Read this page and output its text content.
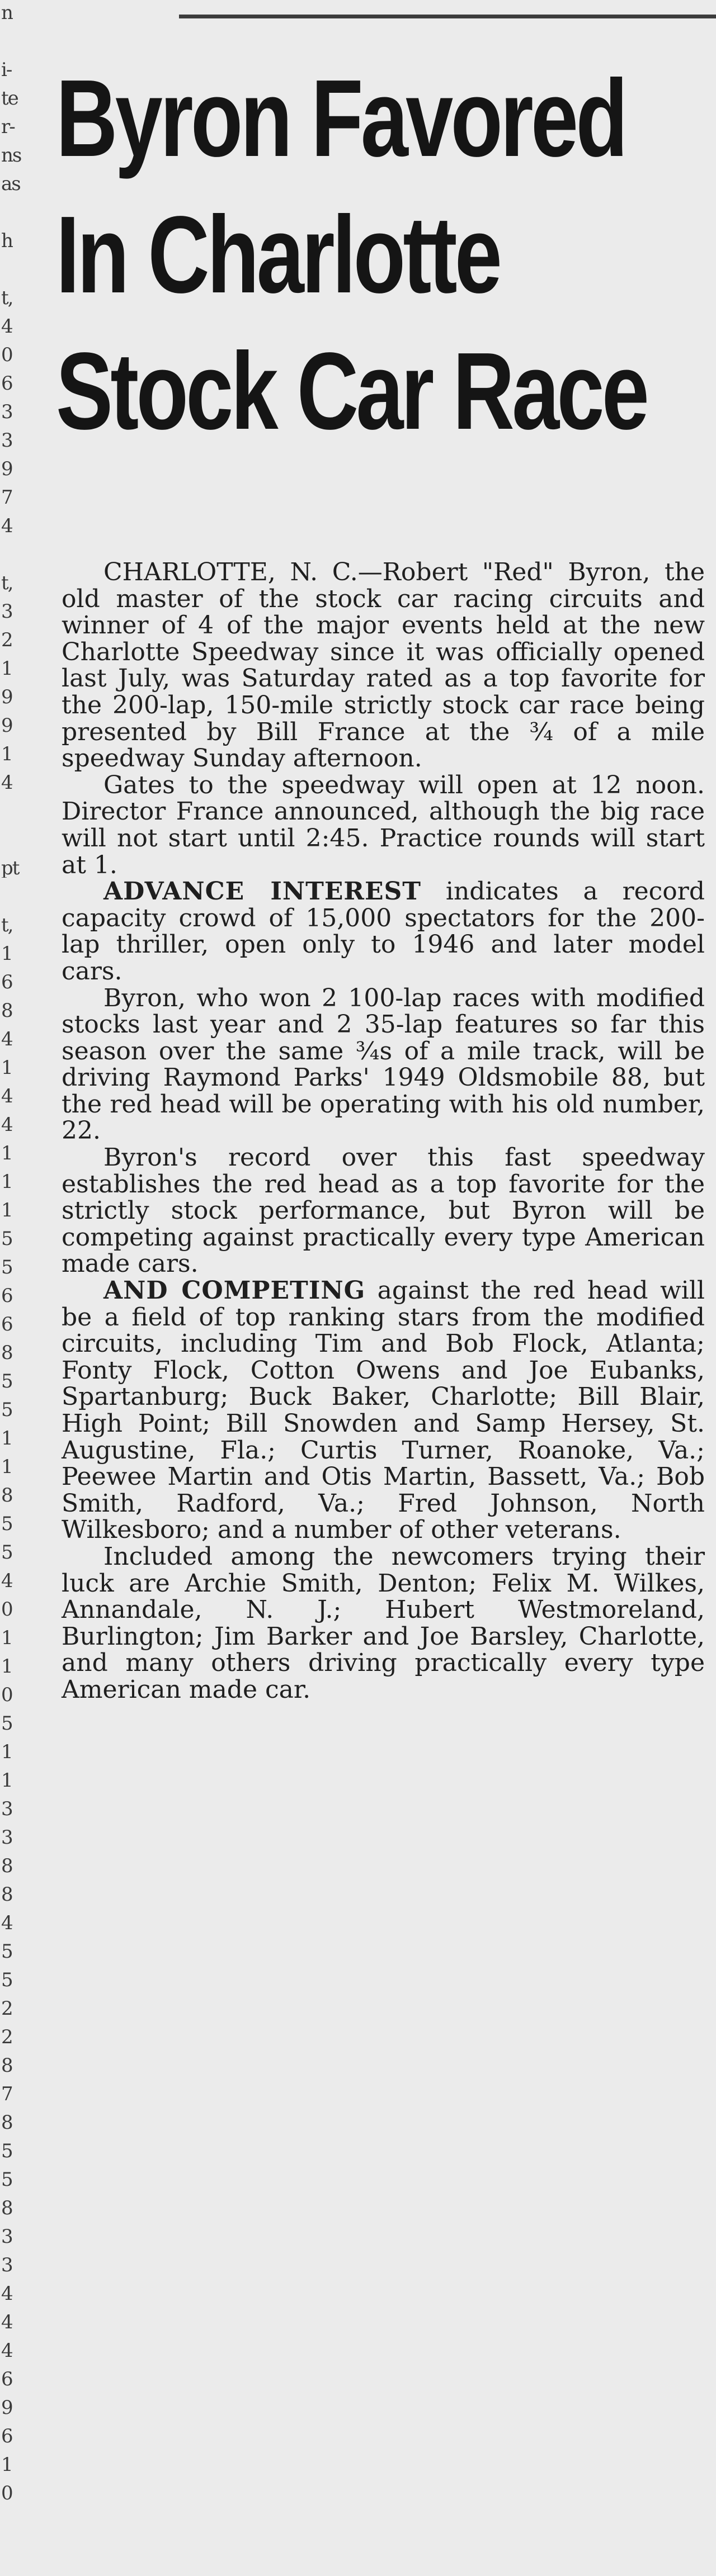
n
i-
te
r-
ns
as
h
t,
4
0
6
3
3
9
7
4
t,
3
2
1
9
9
1
4
pt
t,
1
6
8
4
1
4
4
1
1
1
5
5
6
6
8
5
5
1
1
8
5
5
4
0
1
1
0
5
1
1
3
3
8
8
4
5
5
2
2
8
7
8
5
5
8
3
3
4
4
4
6
9
6
1
0
Byron Favored
In Charlotte
Stock Car Race

CHARLOTTE, N. C.—Robert "Red" Byron, the old master of the stock car racing circuits and winner of 4 of the major events held at the new Charlotte Speedway since it was officially opened last July, was Saturday rated as a top favorite for the 200-lap, 150-mile strictly stock car race being presented by Bill France at the ¾ of a mile speedway Sunday afternoon.

Gates to the speedway will open at 12 noon. Director France announced, although the big race will not start until 2:45. Practice rounds will start at 1.

ADVANCE INTEREST indicates a record capacity crowd of 15,000 spectators for the 200-lap thriller, open only to 1946 and later model cars.

Byron, who won 2 100-lap races with modified stocks last year and 2 35-lap features so far this season over the same ¾s of a mile track, will be driving Raymond Parks' 1949 Oldsmobile 88, but the red head will be operating with his old number, 22.

Byron's record over this fast speedway establishes the red head as a top favorite for the strictly stock performance, but Byron will be competing against practically every type American made cars.

AND COMPETING against the red head will be a field of top ranking stars from the modified circuits, including Tim and Bob Flock, Atlanta; Fonty Flock, Cotton Owens and Joe Eubanks, Spartanburg; Buck Baker, Charlotte; Bill Blair, High Point; Bill Snowden and Samp Hersey, St. Augustine, Fla.; Curtis Turner, Roanoke, Va.; Peewee Martin and Otis Martin, Bassett, Va.; Bob Smith, Radford, Va.; Fred Johnson, North Wilkesboro; and a number of other veterans.

Included among the newcomers trying their luck are Archie Smith, Denton; Felix M. Wilkes, Annandale, N. J.; Hubert Westmoreland, Burlington; Jim Barker and Joe Barsley, Charlotte, and many others driving practically every type American made car.
